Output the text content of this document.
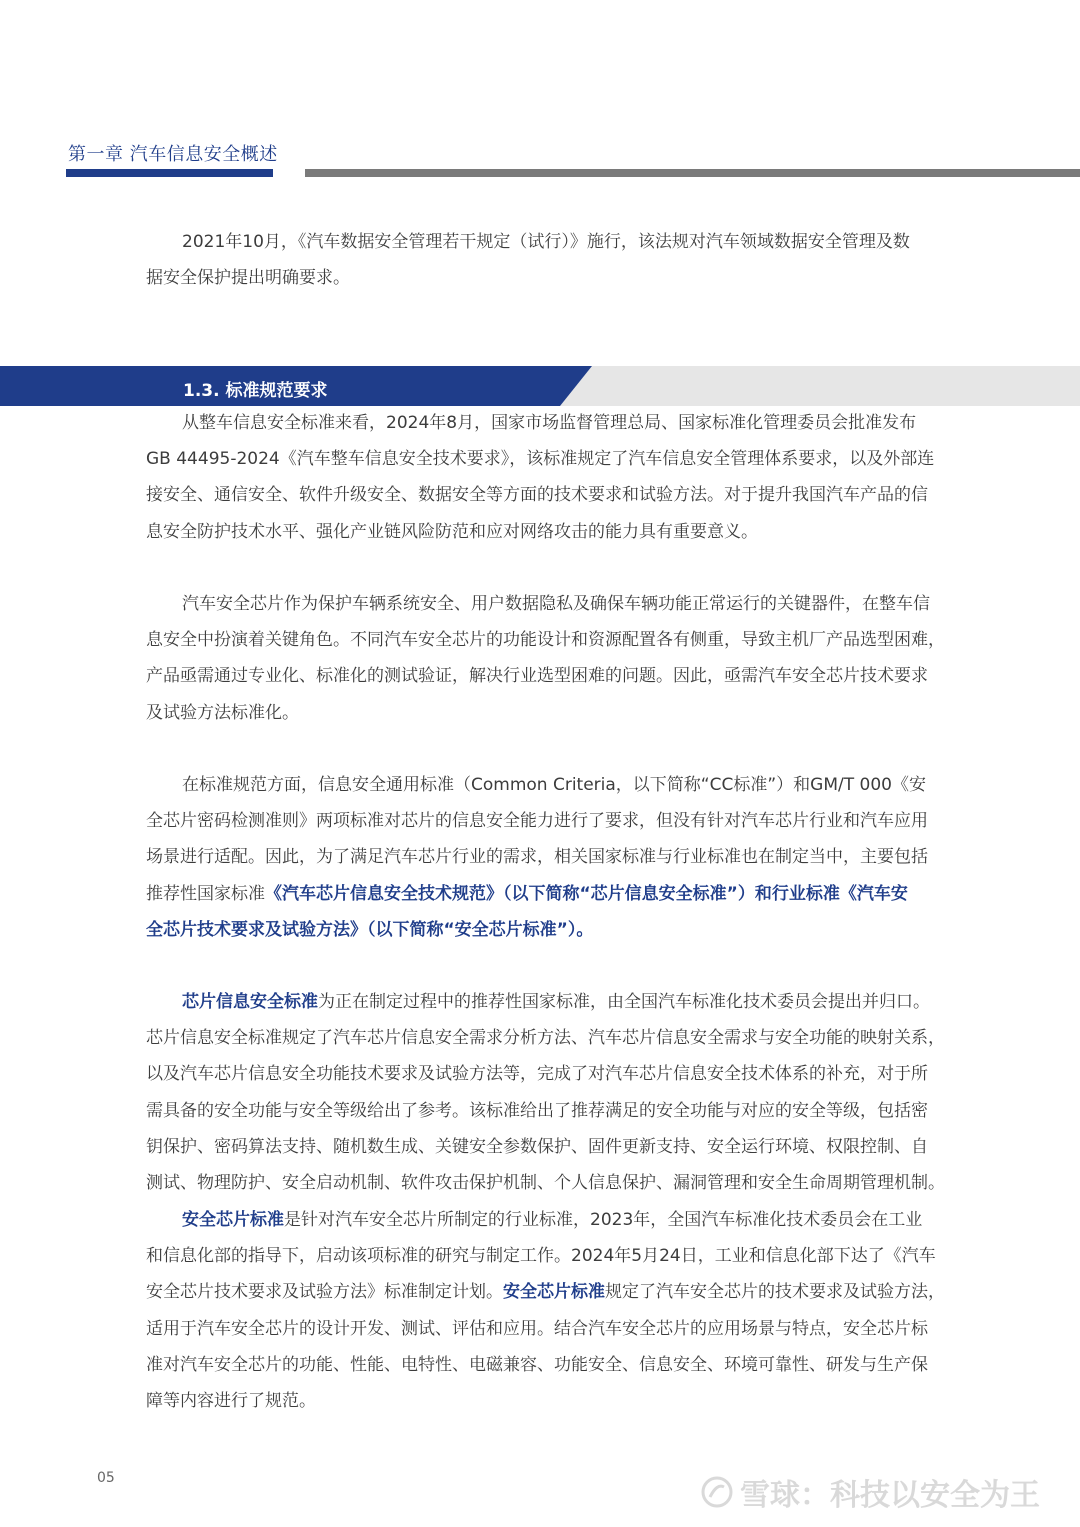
第一章 汽车信息安全概述
2021年10月，《汽车数据安全管理若干规定（试行）》施行，该法规对汽车领域数据安全管理及数
据安全保护提出明确要求。
1.3. 标准规范要求
从整车信息安全标准来看，2024年8月，国家市场监督管理总局、国家标准化管理委员会批准发布
GB 44495-2024《汽车整车信息安全技术要求》，该标准规定了汽车信息安全管理体系要求，以及外部连
接安全、通信安全、软件升级安全、数据安全等方面的技术要求和试验方法。对于提升我国汽车产品的信
息安全防护技术水平、强化产业链风险防范和应对网络攻击的能力具有重要意义。
汽车安全芯片作为保护车辆系统安全、用户数据隐私及确保车辆功能正常运行的关键器件，在整车信
息安全中扮演着关键角色。不同汽车安全芯片的功能设计和资源配置各有侧重，导致主机厂产品选型困难，
产品亟需通过专业化、标准化的测试验证，解决行业选型困难的问题。因此，亟需汽车安全芯片技术要求
及试验方法标准化。
在标准规范方面，信息安全通用标准（Common Criteria，以下简称“CC标准”）和GM/T 000《安
全芯片密码检测准则》两项标准对芯片的信息安全能力进行了要求，但没有针对汽车芯片行业和汽车应用
场景进行适配。因此，为了满足汽车芯片行业的需求，相关国家标准与行业标准也在制定当中，主要包括
推荐性国家标准《汽车芯片信息安全技术规范》（以下简称“芯片信息安全标准”）和行业标准《汽车安
全芯片技术要求及试验方法》（以下简称“安全芯片标准”）。
芯片信息安全标准为正在制定过程中的推荐性国家标准，由全国汽车标准化技术委员会提出并归口。
芯片信息安全标准规定了汽车芯片信息安全需求分析方法、汽车芯片信息安全需求与安全功能的映射关系，
以及汽车芯片信息安全功能技术要求及试验方法等，完成了对汽车芯片信息安全技术体系的补充，对于所
需具备的安全功能与安全等级给出了参考。该标准给出了推荐满足的安全功能与对应的安全等级，包括密
钥保护、密码算法支持、随机数生成、关键安全参数保护、固件更新支持、安全运行环境、权限控制、自
测试、物理防护、安全启动机制、软件攻击保护机制、个人信息保护、漏洞管理和安全生命周期管理机制。
安全芯片标准是针对汽车安全芯片所制定的行业标准，2023年，全国汽车标准化技术委员会在工业
和信息化部的指导下，启动该项标准的研究与制定工作。2024年5月24日，工业和信息化部下达了《汽车
安全芯片技术要求及试验方法》标准制定计划。安全芯片标准规定了汽车安全芯片的技术要求及试验方法，
适用于汽车安全芯片的设计开发、测试、评估和应用。结合汽车安全芯片的应用场景与特点，安全芯片标
准对汽车安全芯片的功能、性能、电特性、电磁兼容、功能安全、信息安全、环境可靠性、研发与生产保
障等内容进行了规范。
05	雪球：科技以安全为王
